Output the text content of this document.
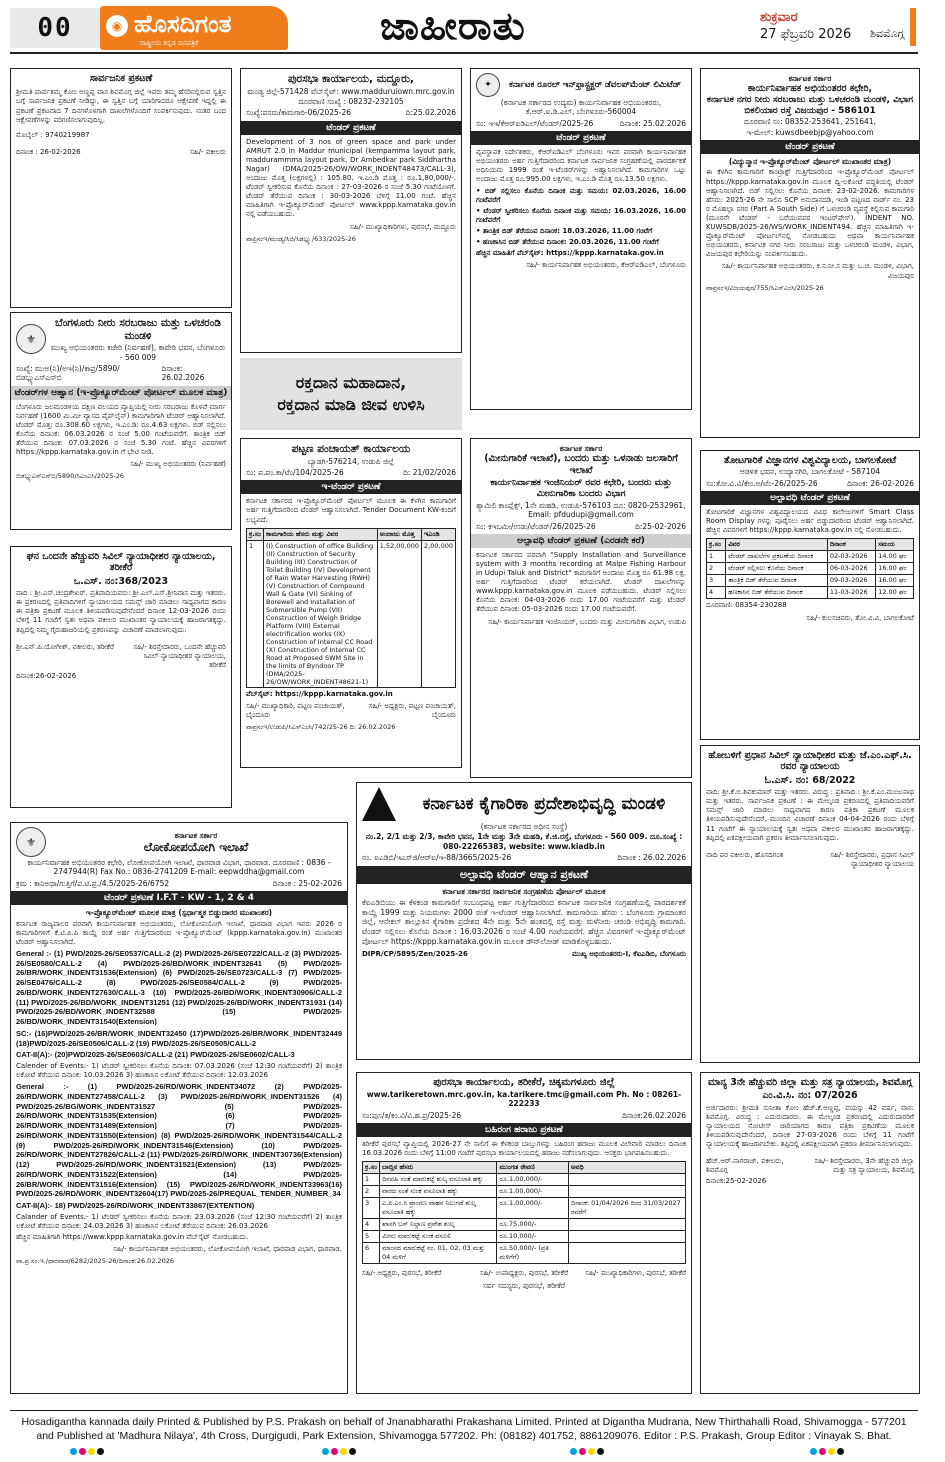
00	◉ ಹೊಸದಿಗಂತ
ರಾಷ್ಟ್ರೀಯ ಕನ್ನಡ ದಿನಪತ್ರಿಕೆ	ಜಾಹೀರಾತು	ಶುಕ್ರವಾರ
27 ಫೆಬ್ರವರಿ 2026 ಶಿವಮೊಗ್ಗ
ಸಾರ್ವಜನಿಕ ಪ್ರಕಟಣೆ
ಶ್ರೀಮತಿ ಪಾರ್ವತಮ್ಮ ಕೋಂ ಅಣ್ಣಪ್ಪ ವಾಸ ಶಿವಮೊಗ್ಗ ಜಿಲ್ಲೆ ಇವರು ತಮ್ಮ ಹೆಸರಿನಲ್ಲಿರುವ ಸ್ವತ್ತಿನ ಬಗ್ಗೆ ಸಾರ್ವಜನಿಕ ಪ್ರಕಟಣೆ ನೀಡಿದ್ದು, ಈ ಸ್ವತ್ತಿನ ಬಗ್ಗೆ ಯಾರಿಗಾದರೂ ಆಕ್ಷೇಪಣೆ ಇದ್ದಲ್ಲಿ ಈ ಪ್ರಕಟಣೆ ಪ್ರಕಟವಾದ 7 ದಿನಗಳೊಳಗಾಗಿ ದಾಖಲೆಗಳೊಂದಿಗೆ ಸಂಪರ್ಕಿಸುವುದು. ನಂತರ ಬಂದ ಆಕ್ಷೇಪಣೆಗಳನ್ನು ಪರಿಗಣಿಸಲಾಗುವುದಿಲ್ಲ.
ಮೊಬೈಲ್ : 9740219987
ದಿನಾಂಕ : 26-02-2026	ಸಹಿ/- ವಕೀಲರು
⚜
ಬೆಂಗಳೂರು ನೀರು ಸರಬರಾಜು ಮತ್ತು ಒಳಚರಂಡಿ ಮಂಡಳಿ
ಮುಖ್ಯ ಅಭಿಯಂತರರು ಕಚೇರಿ (ನಿರ್ವಹಣೆ), ಕಾವೇರಿ ಭವನ, ಬೆಂಗಳೂರು - 560 009
ಸಂಖ್ಯೆ: ಮುಅ(ನಿ)/ಅಇ(ನಿ)/ಕಾಪ್ರ/5890/ಬಿಡಬ್ಲ್ಯುಎಸ್ಎಸ್‌ಬಿ
ದಿನಾಂಕ: 26.02.2026
ಟೆಂಡರ್‌ಗಳ ಆಹ್ವಾನ (ಇ-ಪ್ರೊಕ್ಯೂರ್‌ಮೆಂಟ್ ಪೋರ್ಟಲ್ ಮೂಲಕ ಮಾತ್ರ)
ಬೆಂಗಳೂರು ಜಲಮಂಡಳಿಯ ದಕ್ಷಿಣ ವಲಯದ ವ್ಯಾಪ್ತಿಯಲ್ಲಿ ನೀರು ಸರಬರಾಜು ಕೊಳವೆ ಮಾರ್ಗ ನಿರ್ವಹಣೆ (1600 ಮಿ.ಮೀ ವ್ಯಾಸದ ಪೈಪ್‌ಲೈನ್) ಕಾಮಗಾರಿಗಾಗಿ ಟೆಂಡರ್ ಆಹ್ವಾನಿಸಲಾಗಿದೆ. ಟೆಂಡರ್ ಮೊತ್ತ: ರೂ.308.60 ಲಕ್ಷಗಳು, ಇ.ಎಂ.ಡಿ: ರೂ.4.63 ಲಕ್ಷಗಳು. ಬಿಡ್ ಸಲ್ಲಿಸಲು ಕೊನೆಯ ದಿನಾಂಕ: 06.03.2026 ರ ಸಂಜೆ 5.00 ಗಂಟೆಯವರೆಗೆ. ತಾಂತ್ರಿಕ ಬಿಡ್ ತೆರೆಯುವ ದಿನಾಂಕ: 07.03.2026 ರ ಸಂಜೆ 5.30 ಗಂಟೆ. ಹೆಚ್ಚಿನ ವಿವರಗಳಿಗೆ https://kppp.karnataka.gov.in ಗೆ ಭೇಟಿ ನೀಡಿ.
ಸಹಿ/- ಮುಖ್ಯ ಅಭಿಯಂತರರು (ನಿರ್ವಹಣೆ)
ಬಿಡಬ್ಲ್ಯುಎಸ್ಎಸ್‌ಬಿ/5890/ಸಿಎಂಎಸಿ/2025-26
ಘನ ಒಂದನೇ ಹೆಚ್ಚುವರಿ ಸಿವಿಲ್ ನ್ಯಾಯಾಧೀಶರ ನ್ಯಾಯಾಲಯ, ತರೀಕೆರೆ
ಒ.ಎಸ್. ನಂ:368/2023
ವಾದಿ : ಶ್ರೀ.ಎನ್.ಚಂದ್ರಶೇಖರ್. ಪ್ರತಿವಾದಿಯವರು: ಶ್ರೀ.ಎಲ್.ಎಸ್.ಶ್ರೀನಿವಾಸ ಮತ್ತು ಇತರರು. ಈ ಪ್ರಕರಣದಲ್ಲಿ ಪ್ರತಿವಾದಿಗಳಿಗೆ ನ್ಯಾಯಾಲಯದ ಸಮನ್ಸ್ ಜಾರಿ ಮಾಡಲು ಸಾಧ್ಯವಾಗದ ಕಾರಣ ಈ ಪತ್ರಿಕಾ ಪ್ರಕಟಣೆ ಮೂಲಕ ತಿಳಿಯಪಡಿಸುವುದೇನೆಂದರೆ ದಿನಾಂಕ 12-03-2026 ರಂದು ಬೆಳಿಗ್ಗೆ 11 ಗಂಟೆಗೆ ಸ್ವತಃ ಅಥವಾ ವಕೀಲರ ಮುಖಾಂತರ ನ್ಯಾಯಾಲಯಕ್ಕೆ ಹಾಜರಾಗತಕ್ಕದ್ದು. ತಪ್ಪಿದಲ್ಲಿ ನಿಮ್ಮ ಗೈರುಹಾಜರಿಯಲ್ಲಿ ಪ್ರಕರಣವನ್ನು ವಿಚಾರಣೆ ಮಾಡಲಾಗುವುದು.
ಶ್ರೀ.ಎನ್.ಪಿ.ಯೋಗೀಶ್, ವಕೀಲರು, ತರೀಕೆರೆ	ಸಹಿ/- ಶಿರಸ್ತೇದಾರರು, ಒಂದನೇ ಹೆಚ್ಚುವರಿ ಸಿವಿಲ್ ನ್ಯಾಯಾಧೀಶರ ನ್ಯಾಯಾಲಯ, ತರೀಕೆರೆ
ದಿನಾಂಕ:26-02-2026
ಪುರಸಭಾ ಕಾರ್ಯಾಲಯ, ಮದ್ದೂರು,
ಮಂಡ್ಯ ಜಿಲ್ಲೆ-571428 ವೆಬ್‌ಸೈಟ್: www.madduruiown.mrc.gov.in
ದೂರವಾಣಿ ಸಂಖ್ಯೆ : 08232-232105
ಸಂಖ್ಯೆ:ಪಸಮ/ಕಾಮಗಾರಿ-06/2025-26	ದಿ:25.02.2026
ಟೆಂಡರ್ ಪ್ರಕಟಣೆ
Development of 3 nos of green space and park under AMRUT 2.0 in Maddur municipal (kempamma layout park, maddurammma layout park, Dr Ambedkar park Siddhartha Nagar) (DMA/2025-26/OW/WORK_INDENT48473/CALL-3), ಅಂದಾಜು ಮೊತ್ತ (ಲಕ್ಷಗಳಲ್ಲಿ) : 105.80. ಇ.ಎಂ.ಡಿ ಮೊತ್ತ : ರೂ.1,80,000/-. ಟೆಂಡರ್ ಸ್ವೀಕರಿಸುವ ಕೊನೆಯ ದಿನಾಂಕ : 27-03-2026 ರ ಸಂಜೆ 5.30 ಗಂಟೆಯೊಳಗೆ. ಟೆಂಡರ್ ತೆರೆಯುವ ದಿನಾಂಕ : 30-03-2026 ಬೆಳಿಗ್ಗೆ 11.00 ಗಂಟೆ. ಹೆಚ್ಚಿನ ಮಾಹಿತಿಗಾಗಿ ಇ-ಪ್ರೊಕ್ಯೂರ್‌ಮೆಂಟ್ ಪೋರ್ಟಲ್ www.kppp.karnataka.gov.in ನಲ್ಲಿ ಪಡೆಯಬಹುದು.
ಸಹಿ/- ಮುಖ್ಯಾಧಿಕಾರಿಗಳು, ಪುರಸಭೆ, ಮದ್ದೂರು
ವಾಪ್ರಿಸಂಇ/ಮಂಡ್ಯ/ಸಿಜಿ/ಸಿಡಬ್ಲ್ಯು/633/2025-26
ರಕ್ತದಾನ ಮಹಾದಾನ,
ರಕ್ತದಾನ ಮಾಡಿ ಜೀವ ಉಳಿಸಿ
ಪಟ್ಟಣ ಪಂಚಾಯತ್ ಕಾರ್ಯಾಲಯ
ಬ್ಯಾಡಗಿ-576214, ಉಡುಪಿ ಜಿಲ್ಲೆ
ಸಂ: ಪ.ಪಂ.ಕಾ/ಟೆಂ/104/2025-26	ದಿ: 21/02/2026
ಇ-ಟೆಂಡರ್ ಪ್ರಕಟಣೆ
ಕರ್ನಾಟಕ ಸರ್ಕಾರದ ಇ-ಪ್ರೊಕ್ಯೂರ್‌ಮೆಂಟ್ ಪೋರ್ಟಲ್ ಮೂಲಕ ಈ ಕೆಳಗಿನ ಕಾಮಗಾರಿಗೆ ಅರ್ಹ ಗುತ್ತಿಗೆದಾರರಿಂದ ಟೆಂಡರ್ ಆಹ್ವಾನಿಸಲಾಗಿದೆ. Tender Document KW-ಕಂದಿಗೆ ಲಭ್ಯವಿದೆ.
ಕ್ರ.ಸಂ	ಕಾಮಗಾರಿಯ ಹೆಸರು ಮತ್ತು ವಿವರ	ಅಂದಾಜು ಮೊತ್ತ	ಇಎಂಡಿ
1	(I) Construction of office Building (II) Construction of Security Building (III) Construction of Toilet Building (IV) Development of Rain Water Harvesting (RWH) (V) Construction of Compound Wall & Gate (VI) Sinking of Borewell and Installation of Submersible Pump (VII) Construction of Weigh Bridge Platform (VIII) External electrification works (IX) Construction of Internal CC Road (X) Construction of Internal CC Road at Proposed SWM Site in the limits of Byndoor TP (DMA/2025-26/OW/WORK_INDENT48621-1)	1,52,00,000	2,00,000
ವೆಬ್‌ಸೈಟ್: https://kppp.karnataka.gov.in
ಸಹಿ/- ಮುಖ್ಯಾಧಿಕಾರಿ, ಪಟ್ಟಣ ಪಂಚಾಯತ್, ಬೈಂದೂರು
ಸಹಿ/- ಅಧ್ಯಕ್ಷರು, ಪಟ್ಟಣ ಪಂಚಾಯತ್, ಬೈಂದೂರು
ವಾಪ್ರಸಂಇ/ಉಡುಪಿ/ಸಿಎಸ್‌ಎಂಸಿ/742/25-26 ದಿ: 26.02.2026
✦	ಕರ್ನಾಟಕ ರೂರಲ್ ಇನ್‌ಫ್ರಾಸ್ಟ್ರಕ್ಚರ್ ಡೆವಲಪ್‌ಮೆಂಟ್ ಲಿಮಿಟೆಡ್
(ಕರ್ನಾಟಕ ಸರ್ಕಾರದ ಉದ್ಯಮ) ಕಾರ್ಯನಿರ್ವಾಹಕ ಅಭಿಯಂತರರು, ಕೆ.ಆರ್.ಐ.ಡಿ.ಎಲ್, ಬೆಂಗಳೂರು-560004
ಸಂ: ಇಇ/ಕೆಆರ್‌ಐಡಿಎಲ್/ಟೆಂಡರ್/2025-26	ದಿನಾಂಕ: 25.02.2026
ಟೆಂಡರ್ ಪ್ರಕಟಣೆ
ವ್ಯವಸ್ಥಾಪಕ ನಿರ್ದೇಶಕರು, ಕೆಆರ್‌ಐಡಿಎಲ್ ಬೆಂಗಳೂರು ಇವರ ಪರವಾಗಿ ಕಾರ್ಯನಿರ್ವಾಹಕ ಅಭಿಯಂತರರು ಅರ್ಹ ಗುತ್ತಿಗೆದಾರರಿಂದ ಕರ್ನಾಟಕ ಸಾರ್ವಜನಿಕ ಸಂಗ್ರಹಣೆಯಲ್ಲಿ ಪಾರದರ್ಶಕತೆ ಅಧಿನಿಯಮ 1999 ರಂತೆ ಇ-ಟೆಂಡರ್‌ಗಳನ್ನು ಆಹ್ವಾನಿಸಲಾಗಿದೆ. ಕಾಮಗಾರಿಗಳ ಒಟ್ಟು ಅಂದಾಜು ಮೊತ್ತ ರೂ.995.00 ಲಕ್ಷಗಳು, ಇ.ಎಂ.ಡಿ ಮೊತ್ತ ರೂ.13.50 ಲಕ್ಷಗಳು.
• ಬಿಡ್ ಸಲ್ಲಿಸಲು ಕೊನೆಯ ದಿನಾಂಕ ಮತ್ತು ಸಮಯ: 02.03.2026, 16.00 ಗಂಟೆವರೆಗೆ
• ಟೆಂಡರ್ ಸ್ವೀಕರಿಸಲು ಕೊನೆಯ ದಿನಾಂಕ ಮತ್ತು ಸಮಯ: 16.03.2026, 16.00 ಗಂಟೆವರೆಗೆ
• ತಾಂತ್ರಿಕ ಬಿಡ್ ತೆರೆಯುವ ದಿನಾಂಕ: 18.03.2026, 11.00 ಗಂಟೆಗೆ
• ಹಣಕಾಸಿನ ಬಿಡ್ ತೆರೆಯುವ ದಿನಾಂಕ: 20.03.2026, 11.00 ಗಂಟೆಗೆ
ಹೆಚ್ಚಿನ ಮಾಹಿತಿಗೆ ವೆಬ್‌ಸೈಟ್: https://kppp.karnataka.gov.in
ಸಹಿ/- ಕಾರ್ಯನಿರ್ವಾಹಕ ಅಭಿಯಂತರರು, ಕೆಆರ್‌ಐಡಿಎಲ್, ಬೆಂಗಳೂರು
ಕರ್ನಾಟಕ ಸರ್ಕಾರ
(ಮೀನುಗಾರಿಕೆ ಇಲಾಖೆ), ಬಂದರು ಮತ್ತು ಒಳನಾಡು ಜಲಸಾರಿಗೆ ಇಲಾಖೆ
ಕಾರ್ಯನಿರ್ವಾಹಕ ಇಂಜಿನಿಯರ್ ರವರ ಕಛೇರಿ, ಬಂದರು ಮತ್ತು ಮೀನುಗಾರಿಕಾ ಬಂದರು ವಿಭಾಗ
ಶ್ಯಾಮಿಲಿ ಕಾಂಪ್ಲೆಕ್ಸ್, 1ನೇ ಮಹಡಿ, ಉಡುಪಿ-576103 ದೂ: 0820-2532961, Email: pfdudupi@gmail.com
ಸಂ: ಕಇಬಮೀ/ಉಡು/ಟೆಂಡರ್/26/2025-26	ದಿ:25-02-2026
ಅಲ್ಪಾವಧಿ ಟೆಂಡರ್ ಪ್ರಕಟಣೆ (ಎರಡನೇ ಕರೆ)
ಕರ್ನಾಟಕ ಸರ್ಕಾರದ ಪರವಾಗಿ "Supply Installation and Surveillance system with 3 months recording at Malpe Fishing Harbour in Udupi Taluk and District" ಕಾಮಗಾರಿಗೆ ಅಂದಾಜು ಮೊತ್ತ ರೂ 61.98 ಲಕ್ಷ. ಅರ್ಹ ಗುತ್ತಿಗೆದಾರರಿಂದ ಟೆಂಡರ್ ಕರೆಯಲಾಗಿದೆ. ಟೆಂಡರ್ ದಾಖಲೆಗಳನ್ನು www.kppp.karnataka.gov.in ಮೂಲಕ ಪಡೆಯಬಹುದು. ಟೆಂಡರ್ ಸಲ್ಲಿಸಲು ಕೊನೆಯ ದಿನಾಂಕ: 04-03-2026 ರಂದು 17.00 ಗಂಟೆಯವರೆಗೆ ಮತ್ತು ಟೆಂಡರ್ ತೆರೆಯುವ ದಿನಾಂಕ: 05-03-2026 ರಂದು 17.00 ಗಂಟೆಯವರೆಗೆ.
ಸಹಿ/- ಕಾರ್ಯನಿರ್ವಾಹಕ ಇಂಜಿನಿಯರ್, ಬಂದರು ಮತ್ತು ಮೀನುಗಾರಿಕಾ ವಿಭಾಗ, ಉಡುಪಿ
ಕರ್ನಾಟಕ ಸರ್ಕಾರ
ಕಾರ್ಯನಿರ್ವಾಹಕ ಅಭಿಯಂತರರ ಕಛೇರಿ,
ಕರ್ನಾಟಕ ನಗರ ನೀರು ಸರಬರಾಜು ಮತ್ತು ಒಳಚರಂಡಿ ಮಂಡಳಿ, ವಿಭಾಗ ಬಿಕಲಿಯಾರ ರಸ್ತೆ ವಿಜಯಪುರ - 586101
ದೂರವಾಣಿ ಸಂ: 08352-253641, 251641,
ಇ-ಮೇಲ್: kuwsdbeebjp@yahoo.com
ಟೆಂಡರ್ ಪ್ರಕಟಣೆ
(ವಿದ್ಯುನ್ಮಾನ ಇ-ಪ್ರೊಕ್ಯೂರ್‌ಮೆಂಟ್ ಪೋರ್ಟಲ್ ಮುಖಾಂತರ ಮಾತ್ರ)
ಈ ಕೆಳಗಿನ ಕಾಮಗಾರಿಗೆ ಕಾಂಟ್ರಾಕ್ಟ್ ಗುತ್ತಿಗೆದಾರರಿಂದ ಇ-ಪ್ರೊಕ್ಯೂರ್‌ಮೆಂಟ್ ಪೋರ್ಟಲ್ https://kppp.karnataka.gov.in ಮೂಲಕ ದ್ವಿ-ಲಕೋಟೆ ಪದ್ಧತಿಯಲ್ಲಿ ಟೆಂಡರ್ ಆಹ್ವಾನಿಸಲಾಗಿದೆ. ಬಿಡ್ ಸಲ್ಲಿಸಲು ಕೊನೆಯ ದಿನಾಂಕ: 23-02-2026. ಕಾಮಗಾರಿಗಳ ಹೆಸರು: 2025-26 ನೇ ಸಾಲಿನ SCP ಅನುದಾನದಡಿ, ಇಂಡಿ ಪಟ್ಟಣದ ವಾರ್ಡ್ ನಂ. 23 ರ ಮೊಹಲ್ಲಾ ನಗರ (Part A South Side) ಗೆ ಒಳಚರಂಡಿ ವ್ಯವಸ್ಥೆ ಕಲ್ಪಿಸುವ ಕಾಮಗಾರಿ (ಮೂರನೇ ಟೆಂಡರ್ ‑ ಬರೆಯುವವರ ಇಂಟರ್‌ಫೇಸ್). INDENT NO. KUWSDB/2025-26/WS/WORK_INDENT494. ಹೆಚ್ಚಿನ ಮಾಹಿತಿಗಾಗಿ ಇ-ಪ್ರೊಕ್ಯೂರ್‌ಮೆಂಟ್ ಪೋರ್ಟಲ್‌ನಲ್ಲಿ ನೋಡಬಹುದು ಅಥವಾ ಕಾರ್ಯನಿರ್ವಾಹಕ ಅಭಿಯಂತರರು, ಕರ್ನಾಟಕ ನಗರ ನೀರು ಸರಬರಾಜು ಮತ್ತು ಒಳಚರಂಡಿ ಮಂಡಳಿ, ವಿಭಾಗ, ವಿಜಯಪುರ ಕಛೇರಿಯನ್ನು ಸಂಪರ್ಕಿಸಬಹುದು.
ಸಹಿ/- ಕಾರ್ಯನಿರ್ವಾಹಕ ಅಭಿಯಂತರರು, ಕ.ನ.ನೀ.ಸ ಮತ್ತು ಒ.ಚ. ಮಂಡಳಿ, ವಿಭಾಗ, ವಿಜಯಪುರ
ವಾಪ್ರಸಂಇ/ವಿಜಯಪುರ/755/ಸಿಎಸ್‌ಎಂಸಿ/2025-26
ತೋಟಗಾರಿಕೆ ವಿಜ್ಞಾನಗಳ ವಿಶ್ವವಿದ್ಯಾಲಯ, ಬಾಗಲಕೋಟೆ
ಆಡಳಿತ ಭವನ, ಉದ್ಯಾನಗಿರಿ, ಬಾಗಲಕೋಟೆ - 587104
ಸಂ:ತೋ.ವಿ.ವಿ/ಕೇಂ.ಅ/ಟೆಂ-26/2025-26	ದಿನಾಂಕ: 26-02-2026
ಅಲ್ಪಾವಧಿ ಟೆಂಡರ್ ಪ್ರಕಟಣೆ
ತೋಟಗಾರಿಕೆ ವಿಜ್ಞಾನಗಳ ವಿಶ್ವವಿದ್ಯಾಲಯದ ವಿವಿಧ ಕಾಲೇಜುಗಳಿಗೆ Smart Class Room Display ಗಳನ್ನು ಪೂರೈಸಲು ಅರ್ಹ ಬಿಡ್ಡುದಾರರಿಂದ ಟೆಂಡರ್ ಆಹ್ವಾನಿಸಲಾಗಿದೆ. ಹೆಚ್ಚಿನ ವಿವರಗಳಿಗೆ https://kppp.karnataka.gov.in ನಲ್ಲಿ ನೋಡಬಹುದು.
ಕ್ರ.ಸಂ	ವಿವರ	ದಿನಾಂಕ	ಸಮಯ
1	ಟೆಂಡರ್ ದಾಖಲೆಗಳ ಪ್ರಕಟಣೆಯ ದಿನಾಂಕ	02-03-2026	14.00 ಘಂ
2	ಟೆಂಡರ್ ಸಲ್ಲಿಸಲು ಕೊನೆಯ ದಿನಾಂಕ	06-03-2026	16.00 ಘಂ
3	ತಾಂತ್ರಿಕ ಬಿಡ್ ತೆರೆಯುವ ದಿನಾಂಕ	09-03-2026	16.00 ಘಂ
4	ಹಣಕಾಸಿನ ಬಿಡ್ ತೆರೆಯುವ ದಿನಾಂಕ	11-03-2026	12.00 ಘಂ
ದೂರವಾಣಿ: 08354-230288
ಸಹಿ/- ಕುಲಸಚಿವರು, ತೋ.ವಿ.ವಿ, ಬಾಗಲಕೋಟೆ
ಹೋಬಳಿಗೆ ಪ್ರಧಾನ ಸಿವಿಲ್ ನ್ಯಾಯಾಧೀಶರ ಮತ್ತು ಜೆ.ಎಂ.ಎಫ್.ಸಿ. ರವರ ನ್ಯಾಯಾಲಯ
ಓ.ಎಸ್. ನಂ: 68/2022
ವಾದಿ: ಶ್ರೀ.ಕೆ.ಬಿ.ಶಿವಕುಮಾರ್ ಮತ್ತು ಇತರರು. ವಿರುದ್ಧ : ಪ್ರತಿವಾದಿ : ಶ್ರೀ.ಕೆ.ಎಂ.ಮಂಜುನಾಥ ಮತ್ತು ಇತರರು. ಸಾರ್ವಜನಿಕ ಪ್ರಕಟಣೆ : ಈ ಮೇಲ್ಕಂಡ ಪ್ರಕರಣದಲ್ಲಿ ಪ್ರತಿವಾದಿಯವರಿಗೆ ಸಮನ್ಸ್ ಜಾರಿ ಮಾಡಲು ಸಾಧ್ಯವಾಗದ ಕಾರಣ ಪತ್ರಿಕಾ ಪ್ರಕಟಣೆ ಮೂಲಕ ತಿಳಿಯಪಡಿಸುವುದೇನೆಂದರೆ, ಮುಂದಿನ ವಿಚಾರಣೆ ದಿನಾಂಕ 04-04-2026 ರಂದು ಬೆಳಿಗ್ಗೆ 11 ಗಂಟೆಗೆ ಈ ನ್ಯಾಯಾಲಯಕ್ಕೆ ಸ್ವತಃ ಅಥವಾ ವಕೀಲರ ಮುಖಾಂತರ ಹಾಜರಾಗತಕ್ಕದ್ದು. ತಪ್ಪಿದಲ್ಲಿ ಏಕಪಕ್ಷೀಯವಾಗಿ ಪ್ರಕರಣ ತೀರ್ಮಾನಿಸಲಾಗುವುದು.
ವಾದಿ ಪರ ವಕೀಲರು, ಹೊಸದಿಗಂತ	ಸಹಿ/- ಶಿರಸ್ತೇದಾರರು, ಪ್ರಧಾನ ಸಿವಿಲ್ ನ್ಯಾಯಾಧೀಶರ ನ್ಯಾಯಾಲಯ
⚜
ಕರ್ನಾಟಕ ಸರ್ಕಾರ
ಲೋಕೋಪಯೋಗಿ ಇಲಾಖೆ
ಕಾರ್ಯನಿರ್ವಾಹಕ ಅಭಿಯಂತರರ ಕಛೇರಿ, ಲೋಕೋಪಯೋಗಿ ಇಲಾಖೆ, ಧಾರವಾಡ ವಿಭಾಗ, ಧಾರವಾಡ. ದೂರವಾಣಿ : 0836 - 2747944(R) Fax No.: 0836-2741209 E-mail: eepwddha@gmail.com
ಕ್ರಮ : ಕಾನಿಅಧಾ/ಗುತ್ತಿಗೆ/ಪ.ಟಿ.ಪ್ರ./4.5/2025-26/6752	ದಿನಾಂಕ : 25-02-2026
ಟೆಂಡರ್ ಪ್ರಕಟಣೆ I.F.T - KW - 1, 2 & 4
ಇ-ಪ್ರೊಕ್ಯೂರ್‌ಮೆಂಟ್ ಮೂಲಕ ಮಾತ್ರ (ಸ್ಪರ್ಧಾತ್ಮಕ ಬಿಡ್ಡುದಾರರ ಮುಖಾಂತರ)
ಕರ್ನಾಟಕ ರಾಜ್ಯಪಾಲರ ಪರವಾಗಿ ಕಾರ್ಯನಿರ್ವಾಹಕ ಅಭಿಯಂತರರು, ಲೋಕೋಪಯೋಗಿ ಇಲಾಖೆ, ಧಾರವಾಡ ವಿಭಾಗ ಇವರು 2026 ರ ಕಾಮಗಾರಿಗಳಿಗೆ ಕೆ.ಟಿ.ಪಿ.ಪಿ ಕಾಯ್ದೆ ರಂತೆ ಅರ್ಹ ಗುತ್ತಿಗೆದಾರರಿಂದ ಇ-ಪ್ರೊಕ್ಯೂರ್‌ಮೆಂಟ್ (kppp.karnataka.gov.in) ಮುಖಾಂತರ ಟೆಂಡರ್ ಆಹ್ವಾನಿಸಲಾಗಿದೆ.
General :- (1) PWD/2025-26/SE0537/CALL-2 (2) PWD/2025-26/SE0722/CALL-2 (3) PWD/2025-26/SE0580/CALL-2 (4) PWD/2025-26/BD/WORK_INDENT32641 (5) PWD/2025-26/BR/WORK_INDENT31536(Extension) (6) PWD/2025-26/SE0723/CALL-3 (7) PWD/2025-26/SE0476/CALL-2 (8) PWD/2025-26/SE0584/CALL-2 (9) PWD/2025-26/BD/WORK_INDENT27630/CALL-3 (10) PWD/2025-26/BD/WORK_INDENT30906/CALL-2 (11) PWD/2025-26/BD/WORK_INDENT31251 (12) PWD/2025-26/BD/WORK_INDENT31931 (14) PWD/2025-26/BD/WORK_INDENT32588 (15) PWD/2025-26/BD/WORK_INDENT31540(Extension)
SC:- (16)PWD/2025-26/BR/WORK_INDENT32450 (17)PWD/2025-26/BR/WORK_INDENT32449 (18)PWD/2025-26/SE0506/CALL-2 (19) PWD/2025-26/SE0505/CALL-2
CAT-II(A):- (20)PWD/2025-26/SE0603/CALL-2 (21) PWD/2025-26/SE0602/CALL-3
Calender of Events:- 1) ಟೆಂಡರ್ ಸ್ವೀಕರಿಸಲು ಕೊನೆಯ ದಿನಾಂಕ: 07.03.2026 (ಸಂಜೆ 12:30 ಗಂಟೆಯವರೆಗೆ) 2) ತಾಂತ್ರಿಕ ಲಕೋಟೆ ತೆರೆಯುವ ದಿನಾಂಕ: 10.03.2026 3) ಹಣಕಾಸಿನ ಲಕೋಟೆ ತೆರೆಯುವ ದಿನಾಂಕ: 12.03.2026
General :- (1) PWD/2025-26/RD/WORK_INDENT34072 (2) PWD/2025-26/RD/WORK_INDENT27458/CALL-2 (3) PWD/2025-26/RD/WORK_INDENT31526 (4) PWD/2025-26/BG/WORK_INDENT31527 (5) PWD/2025-26/RD/WORK_INDENT31535(Extension) (6) PWD/2025-26/RD/WORK_INDENT31489(Extension) (7) PWD/2025-26/RD/WORK_INDENT31550(Extension) (8) PWD/2025-26/RD/WORK_INDENT31544/CALL-2 (9) PWD/2025-26/RD/WORK_INDENT31546(Extension) (10) PWD/2025-26/RD/WORK_INDENT27826/CALL-2 (11) PWD/2025-26/RD/WORK_INDENT30736(Extension) (12) PWD/2025-26/RD/WORK_INDENT31521(Extension) (13) PWD/2025-26/RD/WORK_INDENT31522(Extension) (14) PWD/2025-26/BR/WORK_INDENT31516(Extension) (15) PWD/2025-26/RD/WORK_INDENT33963(16) PWD/2025-26/RD/WORK_INDENT32604(17) PWD/2025-26/PREQUAL_TENDER_NUMBER_34
CAT-II(A):- 18) PWD/2025-26/RD/WORK_INDENT33867(EXTENTION)
Calander of Events:- 1) ಟೆಂಡರ್ ಸ್ವೀಕರಿಸಲು ಕೊನೆಯ ದಿನಾಂಕ: 23.03.2026 (ಸಂಜೆ 12:30 ಗಂಟೆಯವರೆಗೆ) 2) ತಾಂತ್ರಿಕ ಲಕೋಟೆ ತೆರೆಯುವ ದಿನಾಂಕ: 24.03.2026 3) ಹಣಕಾಸಿನ ಲಕೋಟೆ ತೆರೆಯುವ ದಿನಾಂಕ: 26.03.2026
ಹೆಚ್ಚಿನ ಮಾಹಿತಿಗಾಗಿ https://www.kppp.karnataka.gov.in ವೆಬ್‌ಸೈಟ್ ನೋಡಬಹುದು.
ಸಹಿ/- ಕಾರ್ಯನಿರ್ವಾಹಕ ಅಭಿಯಂತರರು, ಲೋಕೋಪಯೋಗಿ ಇಲಾಖೆ, ಧಾರವಾಡ ವಿಭಾಗ, ಧಾರವಾಡ.
ವಾ.ಪ್ರ.ಸಂ.ಇ./ಧಾರವಾಡ/6282/2025-26/ದಿನಾಂಕ:26.02.2026
ಕರ್ನಾಟಕ ಕೈಗಾರಿಕಾ ಪ್ರದೇಶಾಭಿವೃದ್ಧಿ ಮಂಡಳಿ
(ಕರ್ನಾಟಕ ಸರ್ಕಾರದ ಅಧೀನ ಸಂಸ್ಥೆ)
ನಂ.2, 2/1 ಮತ್ತು 2/3, ಕಾವೇರಿ ಭವನ, 1ನೇ ಮತ್ತು 3ನೇ ಮಹಡಿ, ಕೆ.ಜಿ.ರಸ್ತೆ, ಬೆಂಗಳೂರು - 560 009. ದೂ.ಸಂಖ್ಯೆ : 080-22265383, website: www.kiadb.in
ನಂ. ಐಎಡಿಬಿ/ಇಎಸ್‌ಜಿ/ಆರ್‌ಐ/ಇ-88/3665/2025-26	ದಿನಾಂಕ : 26.02.2026
ಅಲ್ಪಾವಧಿ ಟೆಂಡರ್ ಆಹ್ವಾನ ಪ್ರಕಟಣೆ
ಕರ್ನಾಟಕ ಸರ್ಕಾರದ ಸಾರ್ವಜನಿಕ ಸಂಗ್ರಹಣೆಯ ಪೋರ್ಟಲ್ ಮೂಲಕ
ಕೆಐಎಡಿಬಿಯು ಈ ಕೆಳಕಂಡ ಕಾಮಗಾರಿಗೆ ಸಂಬಂಧಪಟ್ಟ ಅರ್ಹ ಗುತ್ತಿಗೆದಾರರಿಂದ ಕರ್ನಾಟಕ ಸಾರ್ವಜನಿಕ ಸಂಗ್ರಹಣೆಯಲ್ಲಿ ಪಾರದರ್ಶಕತೆ ಕಾಯ್ದೆ 1999 ಮತ್ತು ನಿಯಮಗಳು 2000 ರಂತೆ ಇ-ಟೆಂಡರ್ ಆಹ್ವಾನಿಸಲಾಗಿದೆ. ಕಾಮಗಾರಿಯ ಹೆಸರು : ಬೆಂಗಳೂರು ಗ್ರಾಮಾಂತರ ಜಿಲ್ಲೆ, ಆನೇಕಲ್ ತಾಲ್ಲೂಕಿನ ಕೈಗಾರಿಕಾ ಪ್ರದೇಶದ 4ನೇ ಮತ್ತು 5ನೇ ಹಂತದಲ್ಲಿ ರಸ್ತೆ ಮತ್ತು ಮಳೆನೀರು ಚರಂಡಿ ಅಭಿವೃದ್ಧಿ ಕಾಮಗಾರಿ. ಟೆಂಡರ್ ಸಲ್ಲಿಸಲು ಕೊನೆಯ ದಿನಾಂಕ : 16.03.2026 ರ ಸಂಜೆ 4.00 ಗಂಟೆಯವರೆಗೆ. ಹೆಚ್ಚಿನ ವಿವರಗಳಿಗೆ ಇ-ಪ್ರೊಕ್ಯೂರ್‌ಮೆಂಟ್ ಪೋರ್ಟಲ್ https://kppp.karnataka.gov.in ಮೂಲಕ ಡೌನ್‌ಲೋಡ್ ಮಾಡಿಕೊಳ್ಳಬಹುದು.
DIPR/CP/5895/Zen/2025-26	ಮುಖ್ಯ ಅಭಿಯಂತರರು-I, ಕೆಐಎಡಿಬಿ, ಬೆಂಗಳೂರು
ಪುರಸಭಾ ಕಾರ್ಯಾಲಯ, ತರೀಕೆರೆ, ಚಿಕ್ಕಮಗಳೂರು ಜಿಲ್ಲೆ
www.tarikeretown.mrc.gov.in, ka.tarikere.tmc@gmail.com Ph. No : 08261-222233
ಸಂ:ಪುಸ/ತ/ಕಂ.ವಿ/ವಿ.ಹ.ಪ್ರ/2025-26	ದಿನಾಂಕ:26.02.2026
ಬಹಿರಂಗ ಹರಾಜು ಪ್ರಕಟಣೆ
ತರೀಕೆರೆ ಪುರಸಭೆ ವ್ಯಾಪ್ತಿಯಲ್ಲಿ 2026-27 ನೇ ಸಾಲಿಗೆ ಈ ಕೆಳಕಂಡ ಬಾಬ್ತುಗಳನ್ನು ಬಹಿರಂಗ ಹರಾಜು ಮೂಲಕ ವಿಲೇವಾರಿ ಮಾಡಲು ದಿನಾಂಕ 16.03.2026 ರಂದು ಬೆಳಿಗ್ಗೆ 11:00 ಗಂಟೆಗೆ ಪುರಸಭಾ ಕಾರ್ಯಾಲಯದಲ್ಲಿ ಹರಾಜು ನಡೆಸಲಾಗುವುದು. ಆಸಕ್ತರು ಭಾಗವಹಿಸಬಹುದು.
ಕ್ರ.ಸಂ	ಬಾಬ್ತಿನ ಹೆಸರು	ಮುಂಗಡ ಠೇವಣಿ	ಅವಧಿ
1	ದಿನವಹಿ ಸಂತೆ ಮಾರುಕಟ್ಟೆ ಶುಲ್ಕ ವಸೂಲಾತಿ ಹಕ್ಕು	ರೂ.1,00,000/-	
2	ವಾರದ ಸಂತೆ ಸುಂಕ ವಸೂಲಾತಿ ಹಕ್ಕು	ರೂ.1,00,000/-	
3	ಎ.ಪಿ.ಎಂ.ಸಿ ಪ್ರಾಂಗಣ ವಾಹನ ನಿಲುಗಡೆ ಶುಲ್ಕ ವಸೂಲಾತಿ ಹಕ್ಕು	ರೂ.1,00,000/-	ದಿನಾಂಕ: 01/04/2026 ರಿಂದ 31/03/2027 ರವರೆಗೆ
4	ಖಾಸಗಿ ಬಸ್ ನಿಲ್ದಾಣ ಪ್ರವೇಶ ಶುಲ್ಕ	ರೂ.75,000/-	
5	ಮೀನು ಮಾರುಕಟ್ಟೆ ಸುಂಕ ವಸೂಲಿ	ರೂ.10,000/-	
6	ಮಾಂಸದ ಮಾರುಕಟ್ಟೆ ನಂ. 01, 02, 03 ಮತ್ತು 04 ಮಳಿಗೆ	ರೂ.50,000/- (ಪ್ರತಿ ಮಳಿಗೆಗೆ)	
ಸಹಿ/- ಅಧ್ಯಕ್ಷರು, ಪುರಸಭೆ, ತರೀಕೆರೆ	ಸಹಿ/- ಉಪಾಧ್ಯಕ್ಷರು, ಪುರಸಭೆ, ತರೀಕೆರೆ	ಸಹಿ/- ಮುಖ್ಯಾಧಿಕಾರಿಗಳು, ಪುರಸಭೆ, ತರೀಕೆರೆ
ಸರ್ವ ಸದಸ್ಯರು, ಪುರಸಭೆ, ತರೀಕೆರೆ
ಮಾನ್ಯ 3ನೇ ಹೆಚ್ಚುವರಿ ಜಿಲ್ಲಾ ಮತ್ತು ಸತ್ರ ನ್ಯಾಯಾಲಯ, ಶಿವಮೊಗ್ಗ
ಎಂ.ವಿ.ಸಿ. ನಂ: 07/2026
ಅರ್ಜಿದಾರರು: ಶ್ರೀಮತಿ ಸುನೀತಾ ಕೋಂ ಹೆಚ್.ಕೆ.ಅಣ್ಣಪ್ಪ, ವಯಸ್ಸು 42 ವರ್ಷ, ವಾಸ: ಶಿವಮೊಗ್ಗ. ವಿರುದ್ಧ : ಎದುರುದಾರರು. ಈ ಮೇಲ್ಕಂಡ ಪ್ರಕರಣದಲ್ಲಿ ಎದುರುದಾರರಿಗೆ ನ್ಯಾಯಾಲಯದ ನೋಟೀಸ್ ಜಾರಿಯಾಗದ ಕಾರಣ ಪತ್ರಿಕಾ ಪ್ರಕಟಣೆಯ ಮೂಲಕ ತಿಳಿಯಪಡಿಸುವುದೇನೆಂದರೆ, ದಿನಾಂಕ 27-03-2026 ರಂದು ಬೆಳಿಗ್ಗೆ 11 ಗಂಟೆಗೆ ನ್ಯಾಯಾಲಯಕ್ಕೆ ಹಾಜರಾಗಬೇಕು. ತಪ್ಪಿದಲ್ಲಿ ಏಕಪಕ್ಷೀಯವಾಗಿ ಪ್ರಕರಣ ತೀರ್ಮಾನಿಸಲಾಗುವುದು.
ಹೆಚ್.ಆರ್.ನಾಗರಾಜ್, ವಕೀಲರು, ಶಿವಮೊಗ್ಗ
ಸಹಿ/- ಶಿರಸ್ತೇದಾರರು, 3ನೇ ಹೆಚ್ಚುವರಿ ಜಿಲ್ಲಾ ಮತ್ತು ಸತ್ರ ನ್ಯಾಯಾಲಯ, ಶಿವಮೊಗ್ಗ
ದಿನಾಂಕ:25-02-2026
Hosadigantha kannada daily Printed & Published by P.S. Prakash on behalf of Jnanabharathi Prakashana Limited. Printed at Digantha Mudrana, New Thirthahalli Road, Shivamogga - 577201
and Published at 'Madhura Nilaya', 4th Cross, Durgigudi, Park Extension, Shivamogga 577202. Ph: (08182) 401752, 8861209076. Editor : P.S. Prakash, Group Editor : Vinayak S. Bhat.
